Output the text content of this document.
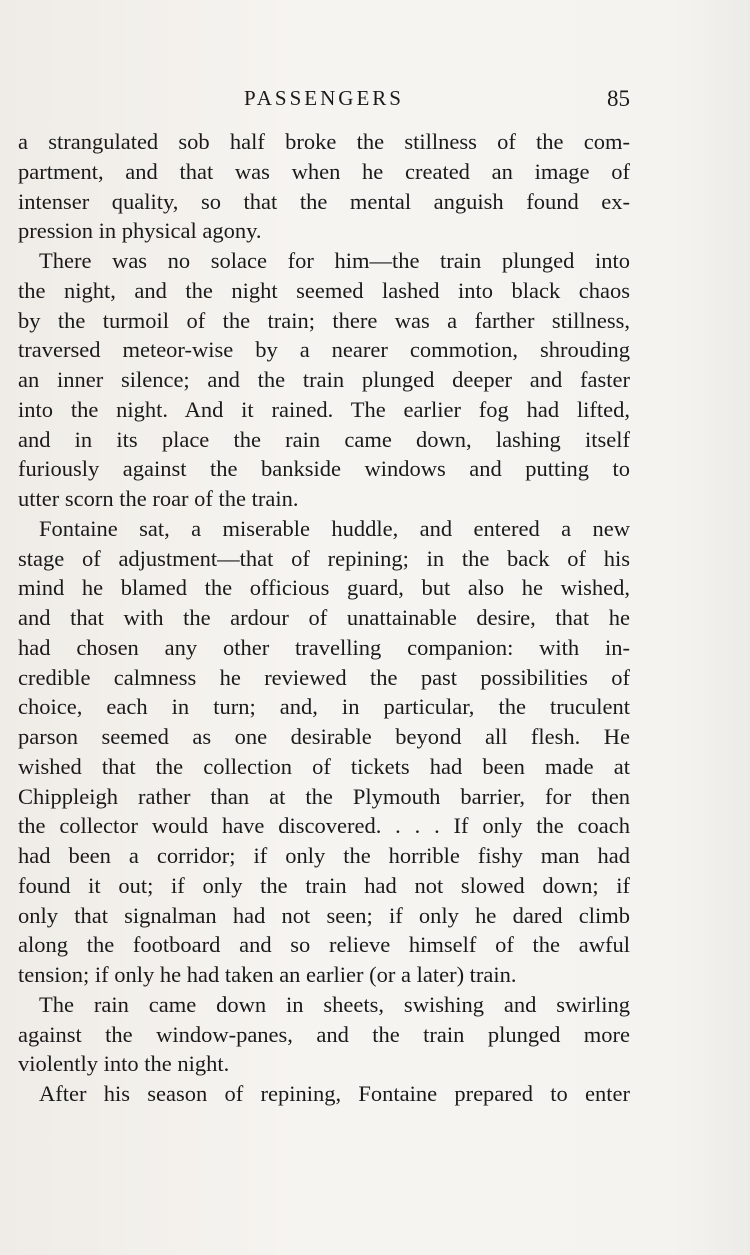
PASSENGERS	85
a strangulated sob half broke the stillness of the com-
partment, and that was when he created an image of
intenser quality, so that the mental anguish found ex-
pression in physical agony.
There was no solace for him—the train plunged into
the night, and the night seemed lashed into black chaos
by the turmoil of the train; there was a farther stillness,
traversed meteor-wise by a nearer commotion, shrouding
an inner silence; and the train plunged deeper and faster
into the night. And it rained. The earlier fog had lifted,
and in its place the rain came down, lashing itself
furiously against the bankside windows and putting to
utter scorn the roar of the train.
Fontaine sat, a miserable huddle, and entered a new
stage of adjustment—that of repining; in the back of his
mind he blamed the officious guard, but also he wished,
and that with the ardour of unattainable desire, that he
had chosen any other travelling companion: with in-
credible calmness he reviewed the past possibilities of
choice, each in turn; and, in particular, the truculent
parson seemed as one desirable beyond all flesh. He
wished that the collection of tickets had been made at
Chippleigh rather than at the Plymouth barrier, for then
the collector would have discovered. . . . If only the coach
had been a corridor; if only the horrible fishy man had
found it out; if only the train had not slowed down; if
only that signalman had not seen; if only he dared climb
along the footboard and so relieve himself of the awful
tension; if only he had taken an earlier (or a later) train.
The rain came down in sheets, swishing and swirling
against the window-panes, and the train plunged more
violently into the night.
After his season of repining, Fontaine prepared to enter
